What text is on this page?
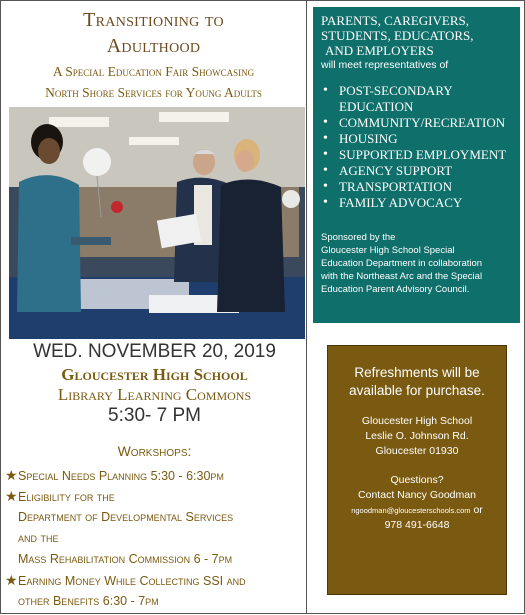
Transitioning to
Adulthood
A Special Education Fair Showcasing
North Shore Services for Young Adults
WED. NOVEMBER 20, 2019
Gloucester High School
Library Learning Commons
5:30- 7 PM
Workshops:
★Special Needs Planning 5:30 - 6:30pm
★Eligibility for the
Department of Developmental Services
and the
Mass Rehabilitation Commission 6 - 7pm
★Earning Money While Collecting SSI and
other Benefits 6:30 - 7pm
PARENTS, CAREGIVERS,
STUDENTS, EDUCATORS,
AND EMPLOYERS
will meet representatives of
• POST-SECONDARY EDUCATION
• COMMUNITY/RECREATION
• HOUSING
• SUPPORTED EMPLOYMENT
• AGENCY SUPPORT
• TRANSPORTATION
• FAMILY ADVOCACY
Sponsored by the
Gloucester High School Special
Education Department in collaboration
with the Northeast Arc and the Special
Education Parent Advisory Council.
Refreshments will be
available for purchase.
Gloucester High School
Leslie O. Johnson Rd.
Gloucester 01930
Questions?
Contact Nancy Goodman
ngoodman@gloucesterschools.com or
978 491-6648
